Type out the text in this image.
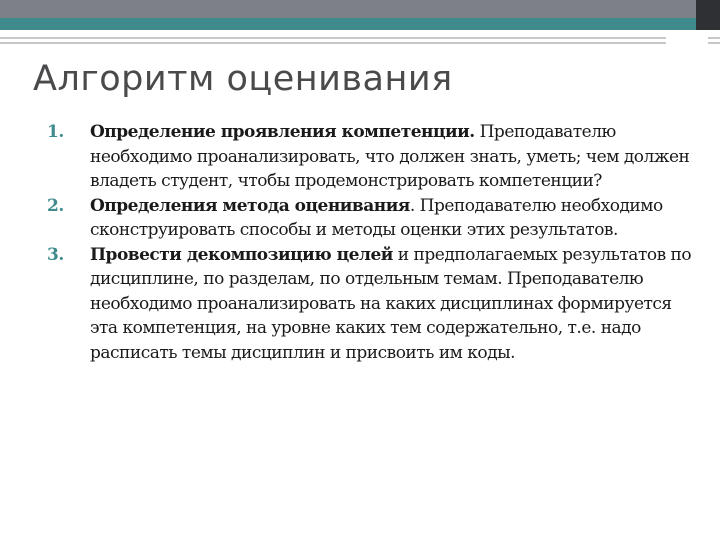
Алгоритм оценивания
1. Определение проявления компетенции. Преподавателю необходимо проанализировать, что должен знать, уметь; чем должен владеть студент, чтобы продемонстрировать компетенции?
2. Определения метода оценивания. Преподавателю необходимо сконструировать способы и методы оценки этих результатов.
3. Провести декомпозицию целей и предполагаемых результатов по дисциплине, по разделам, по отдельным темам. Преподавателю необходимо проанализировать на каких дисциплинах формируется эта компетенция, на уровне каких тем содержательно, т.е. надо расписать темы дисциплин и присвоить им коды.
